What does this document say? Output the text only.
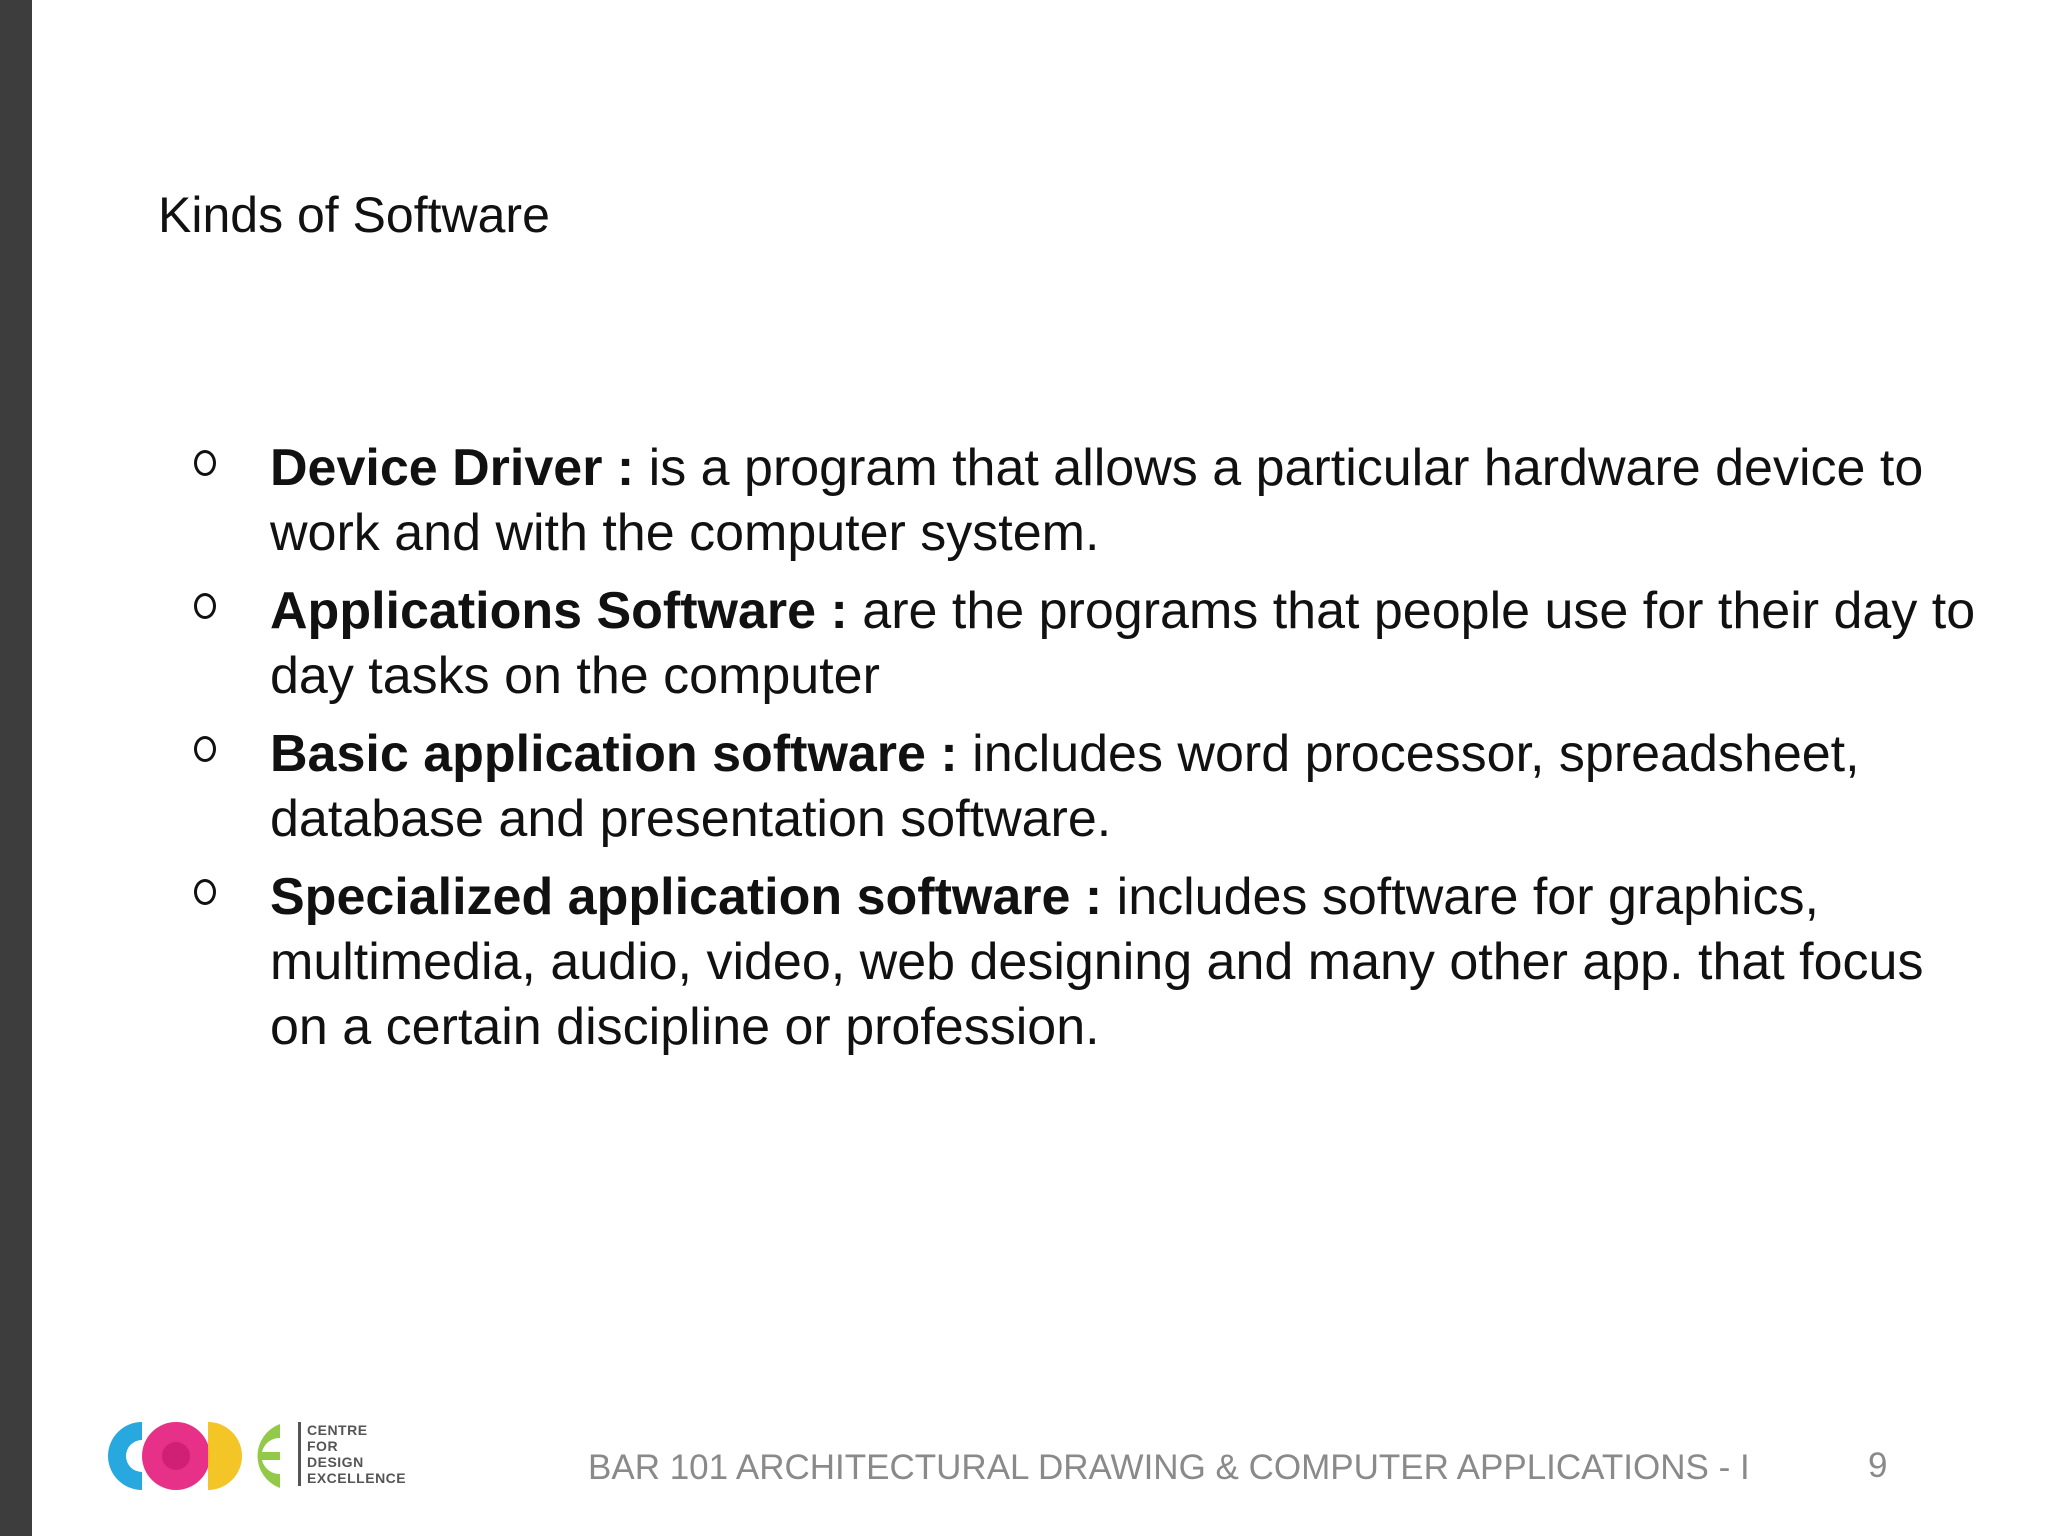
Kinds of Software
Device Driver : is a program that allows a particular hardware device to work and with the computer system.
Applications Software : are the programs that people use for their day to day tasks on the computer
Basic application software : includes word processor, spreadsheet, database and presentation software.
Specialized application software : includes software for graphics, multimedia, audio, video, web designing and many other app. that focus on a certain discipline or profession.
CENTRE
FOR
DESIGN
EXCELLENCE	BAR 101 ARCHITECTURAL DRAWING & COMPUTER APPLICATIONS - I	9
